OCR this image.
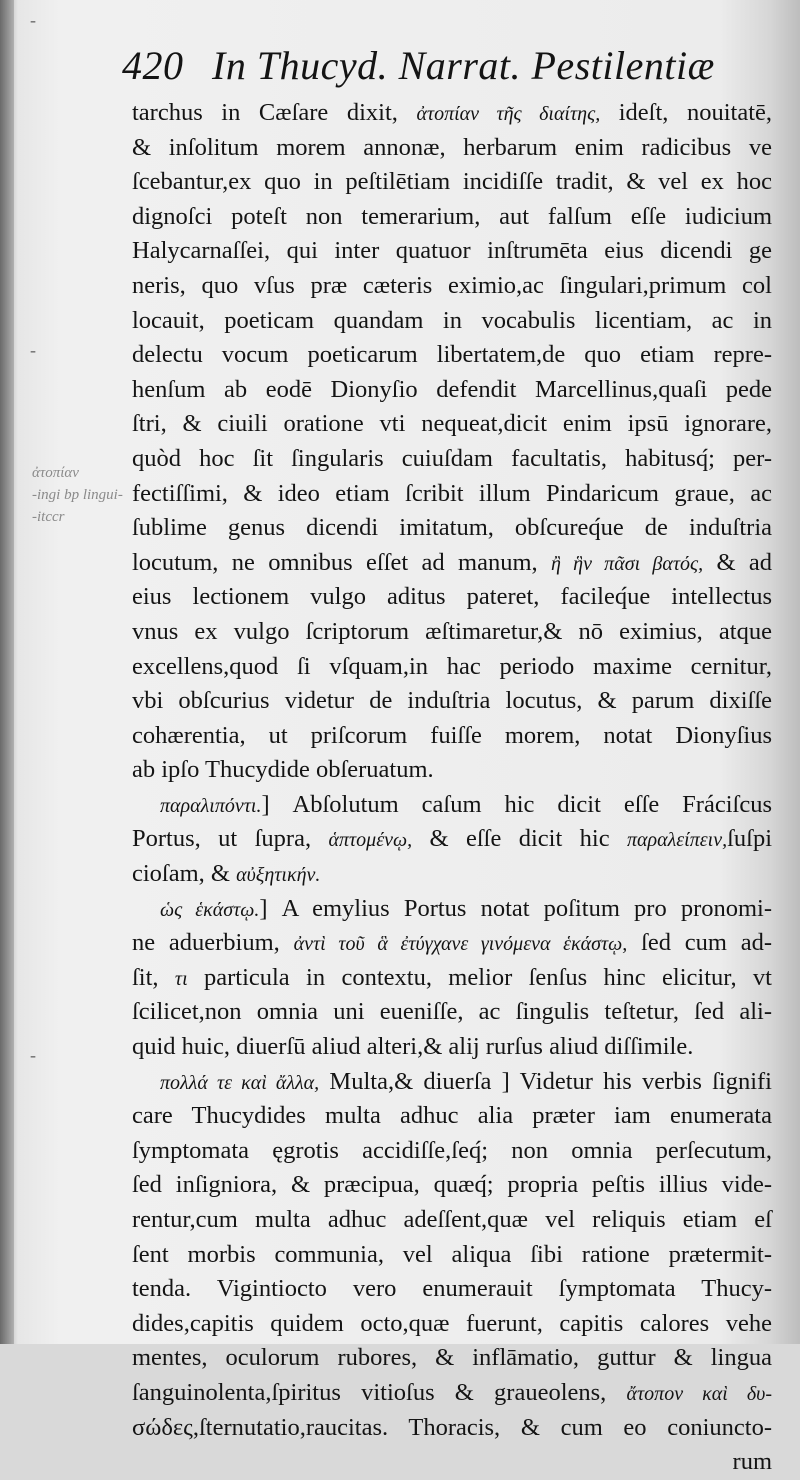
420 In Thucyd. Narrat. Pestilentiæ
ἀτοπίαν
-ingi bp lingui-
-itccr
-
-
-
tarchus in Cæſare dixit, ἀτοπίαν τῆς διαίτης, ideſt, nouitatē,
& inſolitum morem annonæ, herbarum enim radicibus ve
ſcebantur,ex quo in peſtilētiam incidiſſe tradit, & vel ex hoc
dignoſci poteſt non temerarium, aut falſum eſſe iudicium
Halycarnaſſei, qui inter quatuor inſtrumēta eius dicendi ge
neris, quo vſus præ cæteris eximio,ac ſingulari,primum col
locauit, poeticam quandam in vocabulis licentiam, ac in
delectu vocum poeticarum libertatem,de quo etiam repre-
henſum ab eodē Dionyſio defendit Marcellinus,quaſi pede
ſtri, & ciuili oratione vti nequeat,dicit enim ipsū ignorare,
quòd hoc ſit ſingularis cuiuſdam facultatis, habitusq́; per-
fectiſſimi, & ideo etiam ſcribit illum Pindaricum graue, ac
ſublime genus dicendi imitatum, obſcureq́ue de induſtria
locutum, ne omnibus eſſet ad manum, ἢ ἣν πᾶσι βατός, & ad
eius lectionem vulgo aditus pateret, facileq́ue intellectus
vnus ex vulgo ſcriptorum æſtimaretur,& nō eximius, atque
excellens,quod ſi vſquam,in hac periodo maxime cernitur,
vbi obſcurius videtur de induſtria locutus, & parum dixiſſe
cohærentia, ut priſcorum fuiſſe morem, notat Dionyſius
ab ipſo Thucydide obſeruatum.
παραλιπόντι.] Abſolutum caſum hic dicit eſſe Fráciſcus
Portus, ut ſupra, ἁπτομένῳ, & eſſe dicit hic παραλείπειν,ſuſpi
cioſam, & αὐξητικήν.
ὡς ἑκάστῳ.] A emylius Portus notat poſitum pro pronomi-
ne aduerbium, ἀντὶ τοῦ ἃ ἐτύγχανε γινόμενα ἑκάστῳ, ſed cum ad-
ſit, τι particula in contextu, melior ſenſus hinc elicitur, vt
ſcilicet,non omnia uni eueniſſe, ac ſingulis teſtetur, ſed ali-
quid huic, diuerſū aliud alteri,& alij rurſus aliud diſſimile.
πολλά τε καὶ ἄλλα, Multa,& diuerſa ] Videtur his verbis ſignifi
care Thucydides multa adhuc alia præter iam enumerata
ſymptomata ęgrotis accidiſſe,ſeq́; non omnia perſecutum,
ſed inſigniora, & præcipua, quæq́; propria peſtis illius vide-
rentur,cum multa adhuc adeſſent,quæ vel reliquis etiam eſ
ſent morbis communia, vel aliqua ſibi ratione prætermit-
tenda. Vigintiocto vero enumerauit ſymptomata Thucy-
dides,capitis quidem octo,quæ fuerunt, capitis calores vehe
mentes, oculorum rubores, & inflāmatio, guttur & lingua
ſanguinolenta,ſpiritus vitioſus & graueolens, ἄτοπον καὶ δυ-
σώδες,ſternutatio,raucitas. Thoracis, & cum eo coniuncto-
rum
